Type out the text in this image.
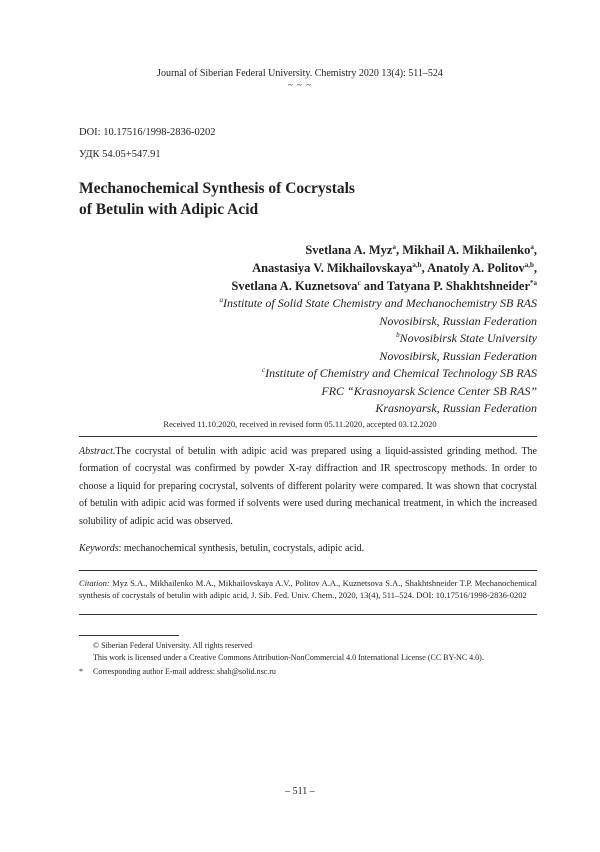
Journal of Siberian Federal University. Chemistry 2020 13(4): 511–524
~ ~ ~
DOI: 10.17516/1998-2836-0202
УДК 54.05+547.91
Mechanochemical Synthesis of Cocrystals
of Betulin with Adipic Acid
Svetlana A. Myz$^a$, Mikhail A. Mikhailenko$^a$,
Anastasiya V. Mikhailovskaya$^{a,b}$, Anatoly A. Politov$^{a,b}$,
Svetlana A. Kuznetsova$^c$ and Tatyana P. Shakhtshneider$^{*a}$
$^a$Institute of Solid State Chemistry and Mechanochemistry SB RAS
Novosibirsk, Russian Federation
$^b$Novosibirsk State University
Novosibirsk, Russian Federation
$^c$Institute of Chemistry and Chemical Technology SB RAS
FRC “Krasnoyarsk Science Center SB RAS”
Krasnoyarsk, Russian Federation
Received 11.10.2020, received in revised form 05.11.2020, accepted 03.12.2020
Abstract.The cocrystal of betulin with adipic acid was prepared using a liquid-assisted grinding method. The formation of cocrystal was confirmed by powder X-ray diffraction and IR spectroscopy methods. In order to choose a liquid for preparing cocrystal, solvents of different polarity were compared. It was shown that cocrystal of betulin with adipic acid was formed if solvents were used during mechanical treatment, in which the increased solubility of adipic acid was observed.
Keywords: mechanochemical synthesis, betulin, cocrystals, adipic acid.
Citation: Myz S.A., Mikhailenko M.A., Mikhailovskaya A.V., Politov A.A., Kuznetsova S.A., Shakhtshneider T.P. Mechanochemical synthesis of cocrystals of betulin with adipic acid, J. Sib. Fed. Univ. Chem., 2020, 13(4), 511–524. DOI: 10.17516/1998-2836-0202
© Siberian Federal University. All rights reserved
This work is licensed under a Creative Commons Attribution-NonCommercial 4.0 International License (CC BY-NC 4.0).
* Corresponding author E-mail address: shah@solid.nsc.ru
– 511 –
